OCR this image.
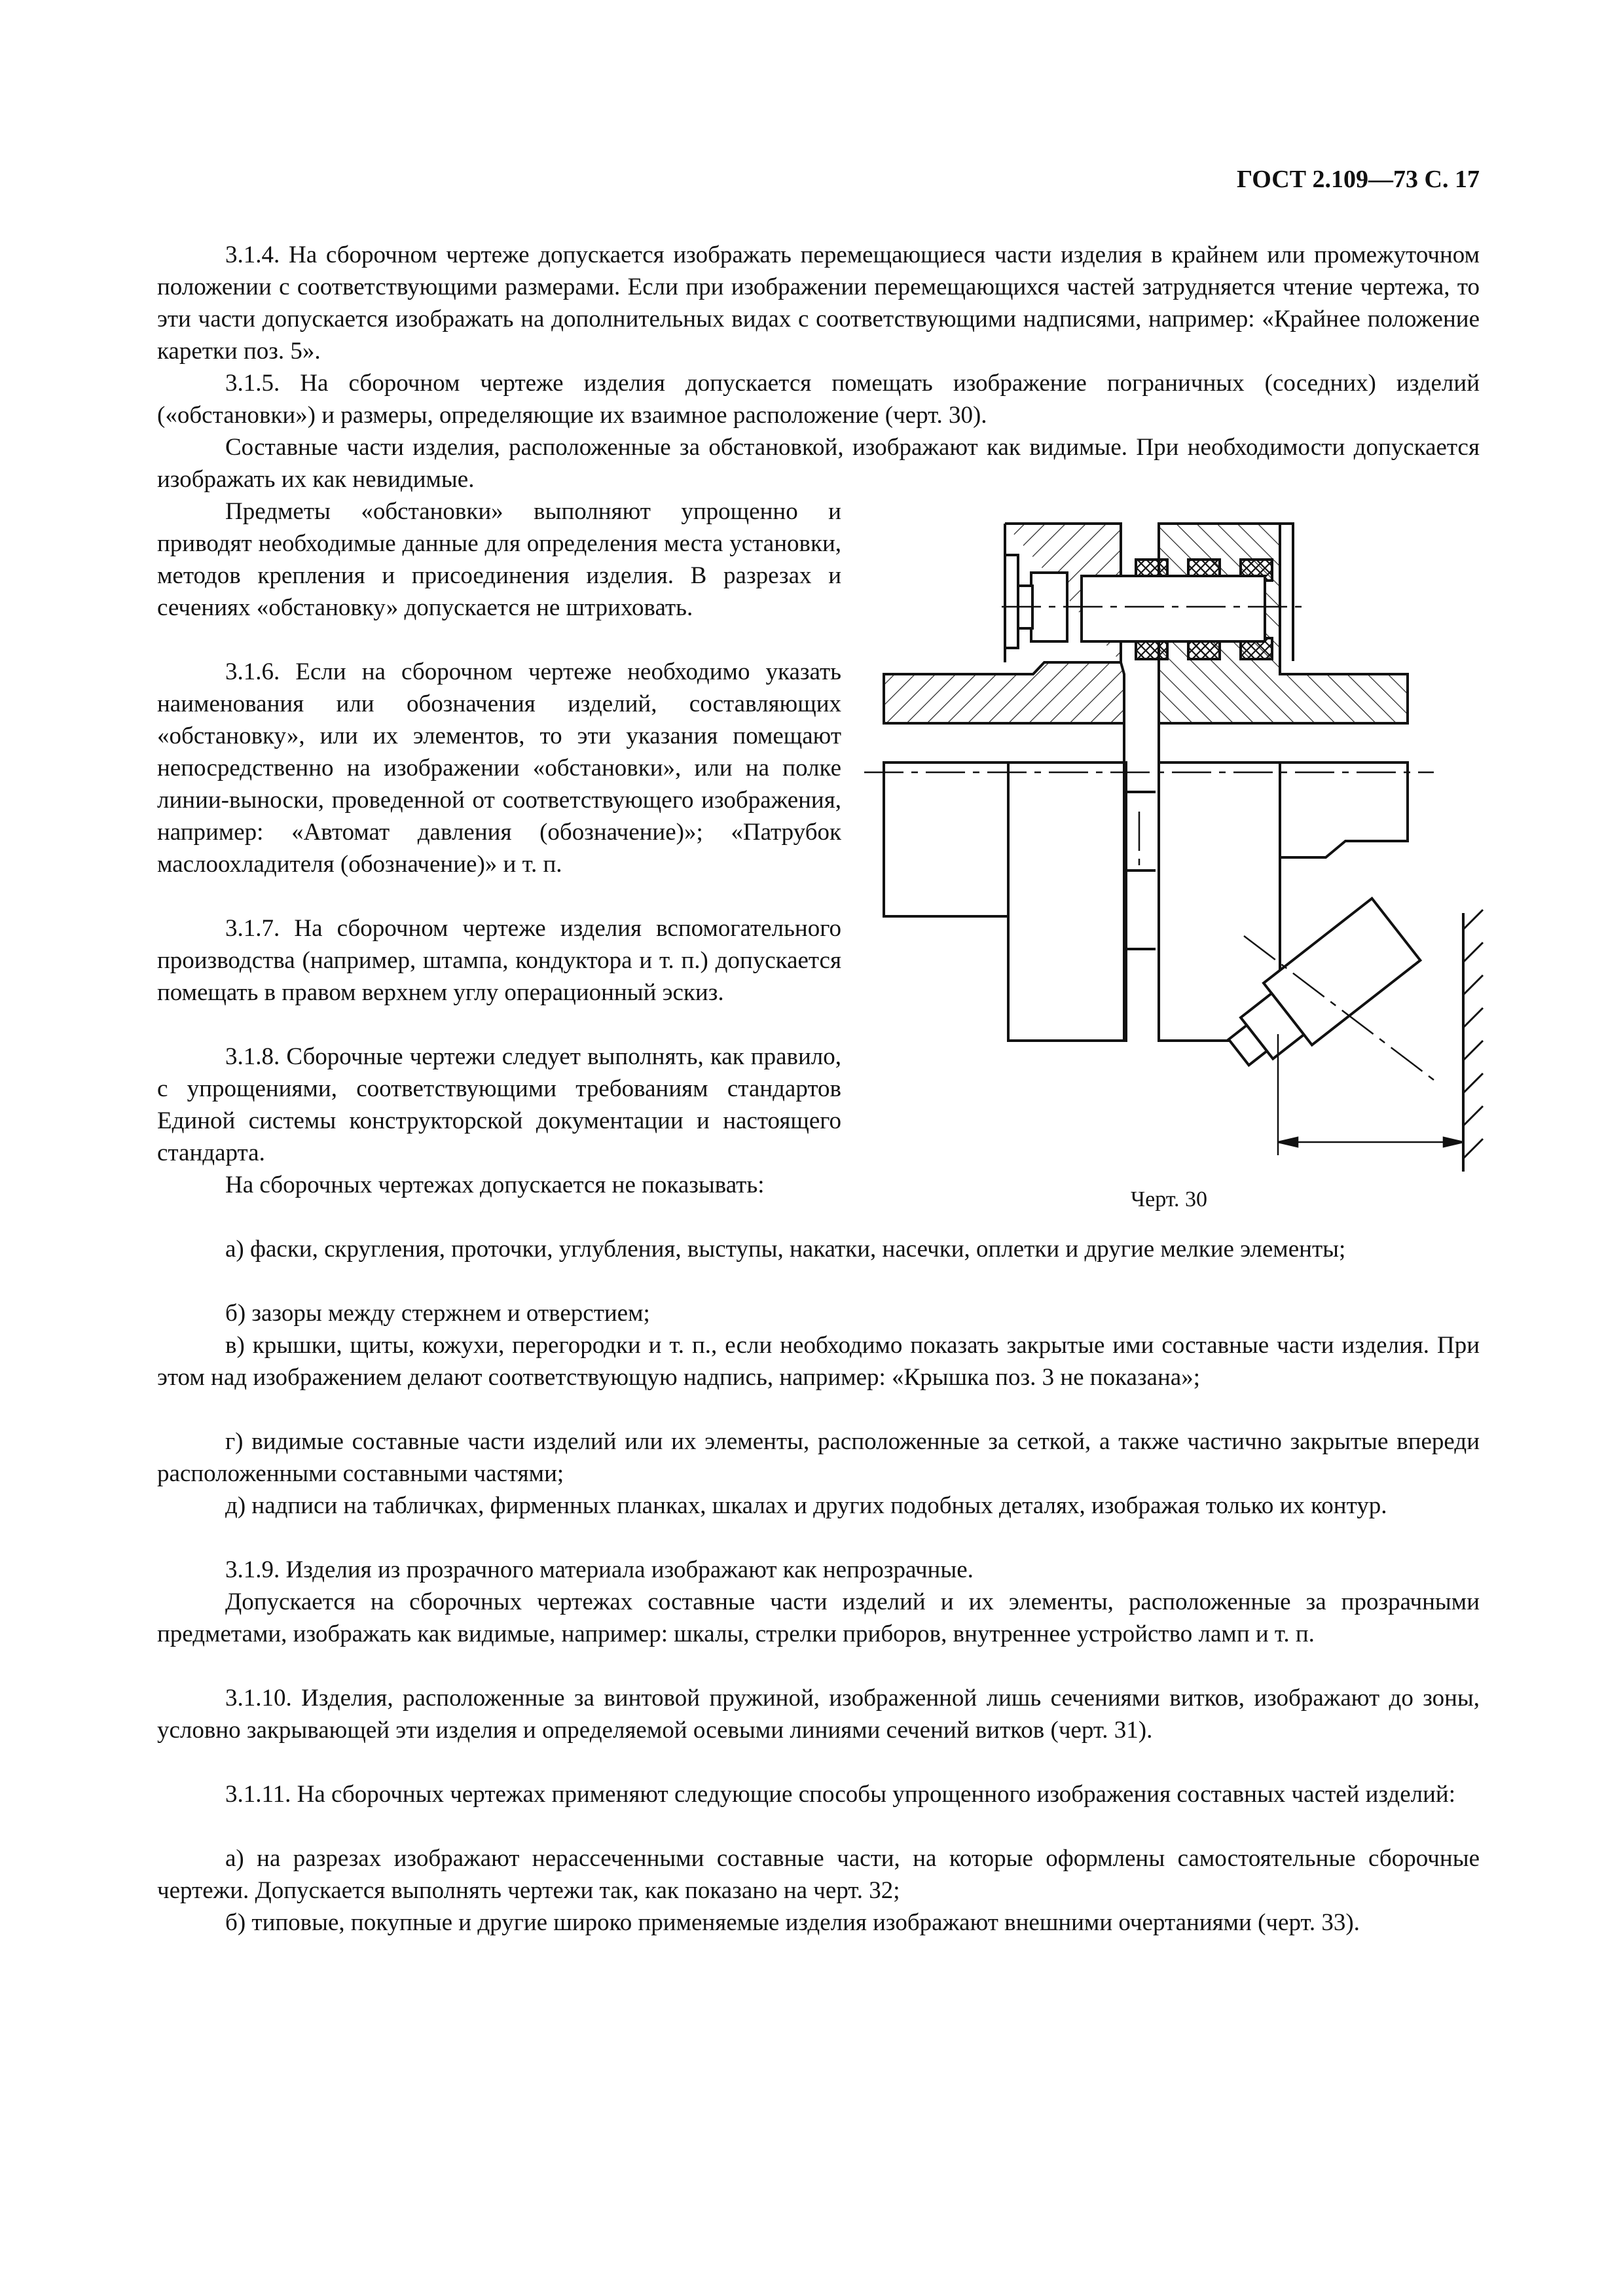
ГОСТ 2.109—73 С. 17

3.1.4. На сборочном чертеже допускается изображать перемещающиеся части изделия в крайнем или промежуточном положении с соответствующими размерами. Если при изображении перемещающихся частей затрудняется чтение чертежа, то эти части допускается изображать на дополнительных видах с соответствующими надписями, например: «Крайнее положение каретки поз. 5».

3.1.5. На сборочном чертеже изделия допускается помещать изображение пограничных (соседних) изделий («обстановки») и размеры, определяющие их взаимное расположение (черт. 30).

Составные части изделия, расположенные за обстановкой, изображают как видимые. При необходимости допускается изображать их как невидимые.

Предметы «обстановки» выполняют упрощенно и приводят необходимые данные для определения места установки, методов крепления и присоединения изделия. В разрезах и сечениях «обстановку» допускается не штриховать.

3.1.6. Если на сборочном чертеже необходимо указать наименования или обозначения изделий, составляющих «обстановку», или их элементов, то эти указания помещают непосредственно на изображении «обстановки», или на полке линии-выноски, проведенной от соответствующего изображения, например: «Автомат давления (обозначение)»; «Патрубок маслоохладителя (обозначение)» и т. п.

3.1.7. На сборочном чертеже изделия вспомогательного производства (например, штампа, кондуктора и т. п.) допускается помещать в правом верхнем углу операционный эскиз.

3.1.8. Сборочные чертежи следует выполнять, как правило, с упрощениями, соответствующими требованиям стандартов Единой системы конструкторской документации и настоящего стандарта.

На сборочных чертежах допускается не показывать:

а) фаски, скругления, проточки, углубления, выступы, накатки, насечки, оплетки и другие мелкие элементы;

б) зазоры между стержнем и отверстием;

в) крышки, щиты, кожухи, перегородки и т. п., если необходимо показать закрытые ими составные части изделия. При этом над изображением делают соответствующую надпись, например: «Крышка поз. 3 не показана»;

г) видимые составные части изделий или их элементы, расположенные за сеткой, а также частично закрытые впереди расположенными составными частями;

д) надписи на табличках, фирменных планках, шкалах и других подобных деталях, изображая только их контур.

3.1.9. Изделия из прозрачного материала изображают как непрозрачные.

Допускается на сборочных чертежах составные части изделий и их элементы, расположенные за прозрачными предметами, изображать как видимые, например: шкалы, стрелки приборов, внутреннее устройство ламп и т. п.

3.1.10. Изделия, расположенные за винтовой пружиной, изображенной лишь сечениями витков, изображают до зоны, условно закрывающей эти изделия и определяемой осевыми линиями сечений витков (черт. 31).

3.1.11. На сборочных чертежах применяют следующие способы упрощенного изображения составных частей изделий:

а) на разрезах изображают нерассеченными составные части, на которые оформлены самостоятельные сборочные чертежи. Допускается выполнять чертежи так, как показано на черт. 32;

б) типовые, покупные и другие широко применяемые изделия изображают внешними очертаниями (черт. 33).

Черт. 30
